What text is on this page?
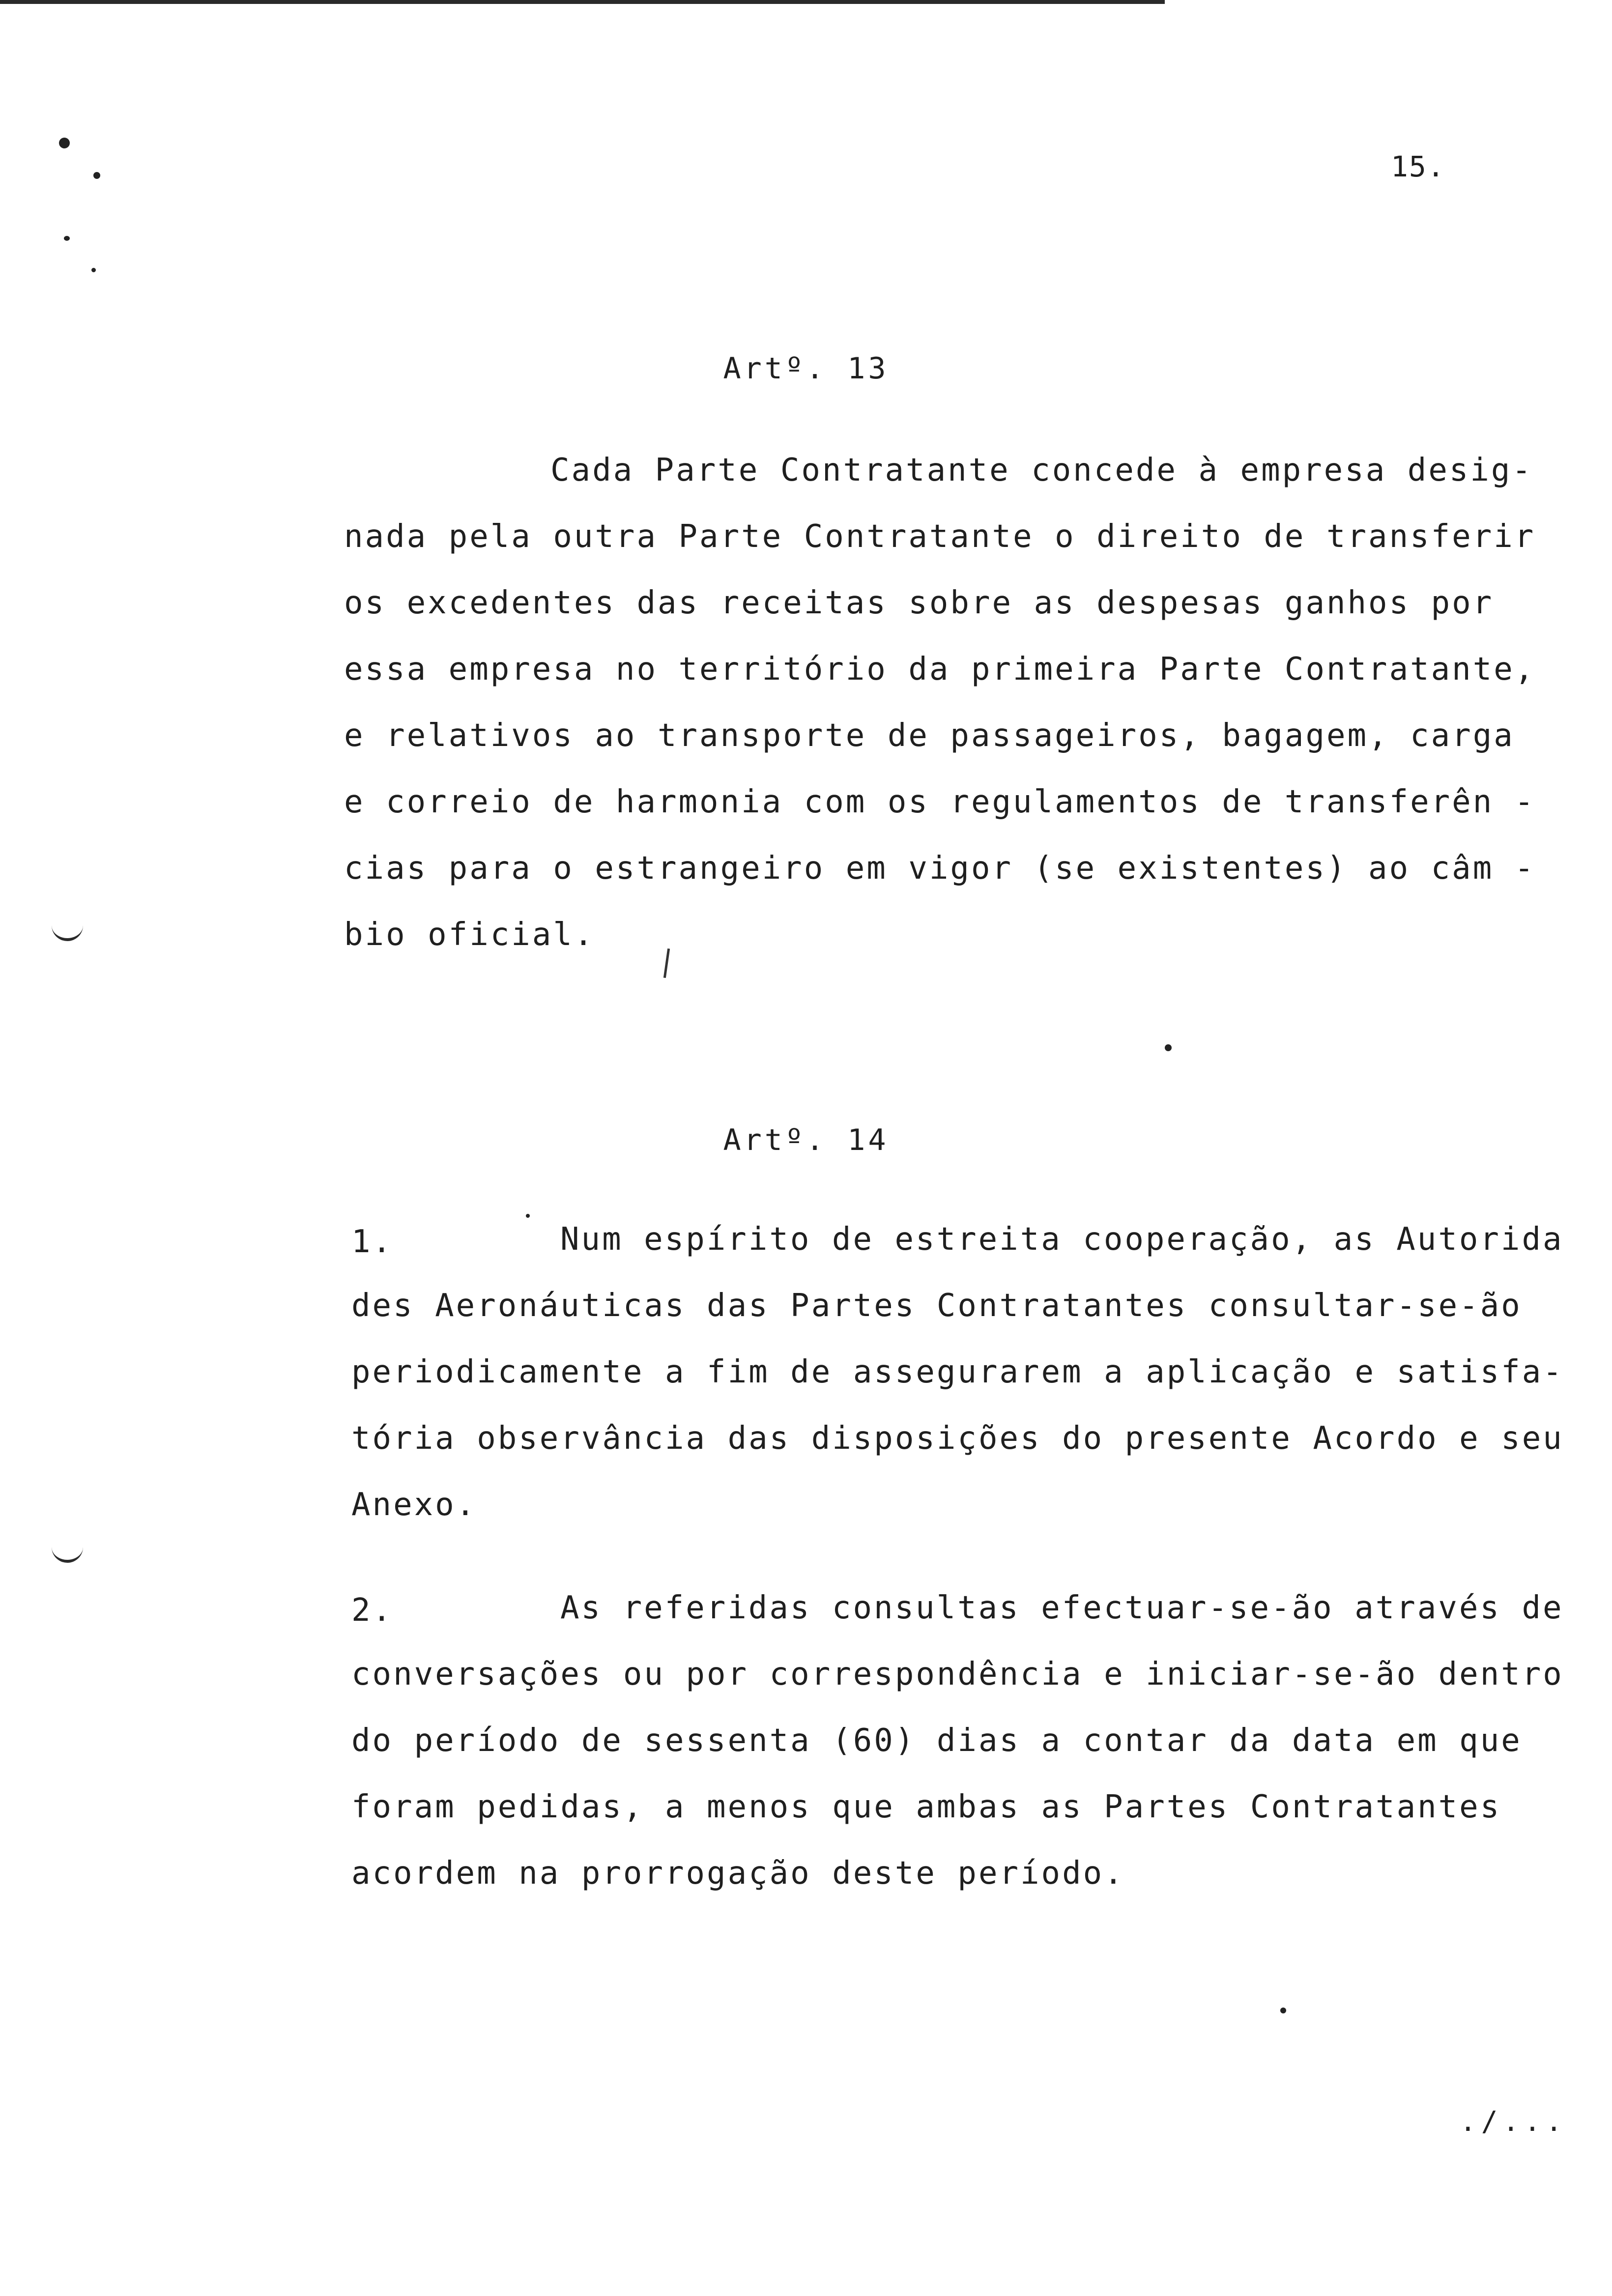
15.
Artº. 13
Cada Parte Contratante concede à empresa desig-
nada pela outra Parte Contratante o direito de transferir
os excedentes das receitas sobre as despesas ganhos por
essa empresa no território da primeira Parte Contratante,
e relativos ao transporte de passageiros, bagagem, carga
e correio de harmonia com os regulamentos de transferên -
cias para o estrangeiro em vigor (se existentes) ao câm -
bio oficial.
Artº. 14
1.	Num espírito de estreita cooperação, as Autorida
des Aeronáuticas das Partes Contratantes consultar-se-ão
periodicamente a fim de assegurarem a aplicação e satisfa-
tória observância das disposições do presente Acordo e seu
Anexo.
2.	As referidas consultas efectuar-se-ão através de
conversações ou por correspondência e iniciar-se-ão dentro
do período de sessenta (60) dias a contar da data em que
foram pedidas, a menos que ambas as Partes Contratantes
acordem na prorrogação deste período.
./...
